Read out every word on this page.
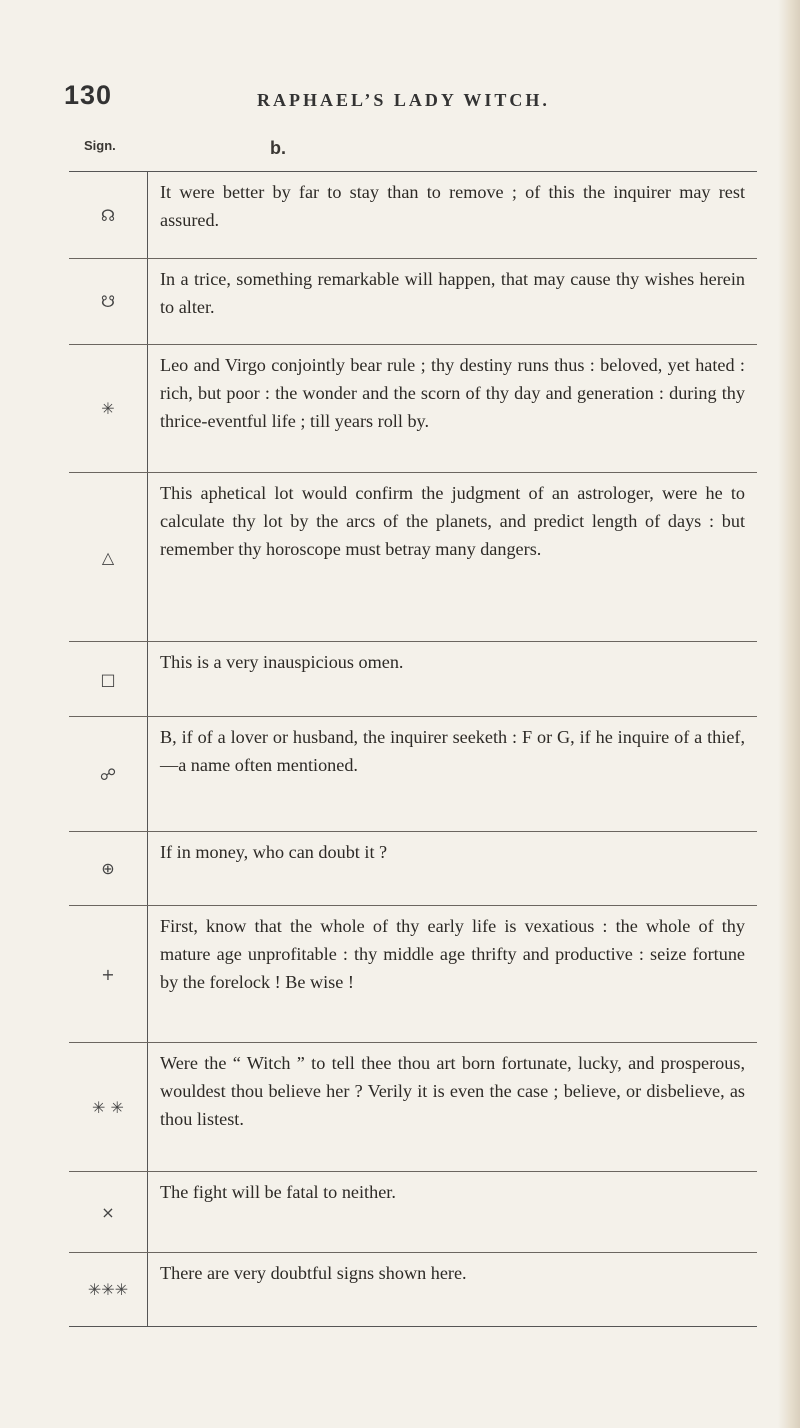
130	RAPHAEL’S LADY WITCH.
Sign.	b.
☊
It were better by far to stay than to remove ; of this the inquirer may rest assured.
☋
In a trice, something remarkable will happen, that may cause thy wishes herein to alter.
✳
Leo and Virgo conjointly bear rule ; thy destiny runs thus : beloved, yet hated : rich, but poor : the wonder and the scorn of thy day and generation : during thy thrice-eventful life ; till years roll by.
△
This aphetical lot would confirm the judgment of an astrologer, were he to calculate thy lot by the arcs of the planets, and predict length of days : but remember thy horoscope must betray many dangers.
□
This is a very inauspicious omen.
☍
B, if of a lover or husband, the inquirer seeketh : F or G, if he inquire of a thief,—a name often mentioned.
⊕
If in money, who can doubt it ?
+
First, know that the whole of thy early life is vexatious : the whole of thy mature age unprofitable : thy middle age thrifty and productive : seize fortune by the forelock ! Be wise !
✳ ✳
Were the “ Witch ” to tell thee thou art born fortunate, lucky, and prosperous, wouldest thou believe her ? Verily it is even the case ; believe, or disbelieve, as thou listest.
×
The fight will be fatal to neither.
✳✳✳
There are very doubtful signs shown here.
